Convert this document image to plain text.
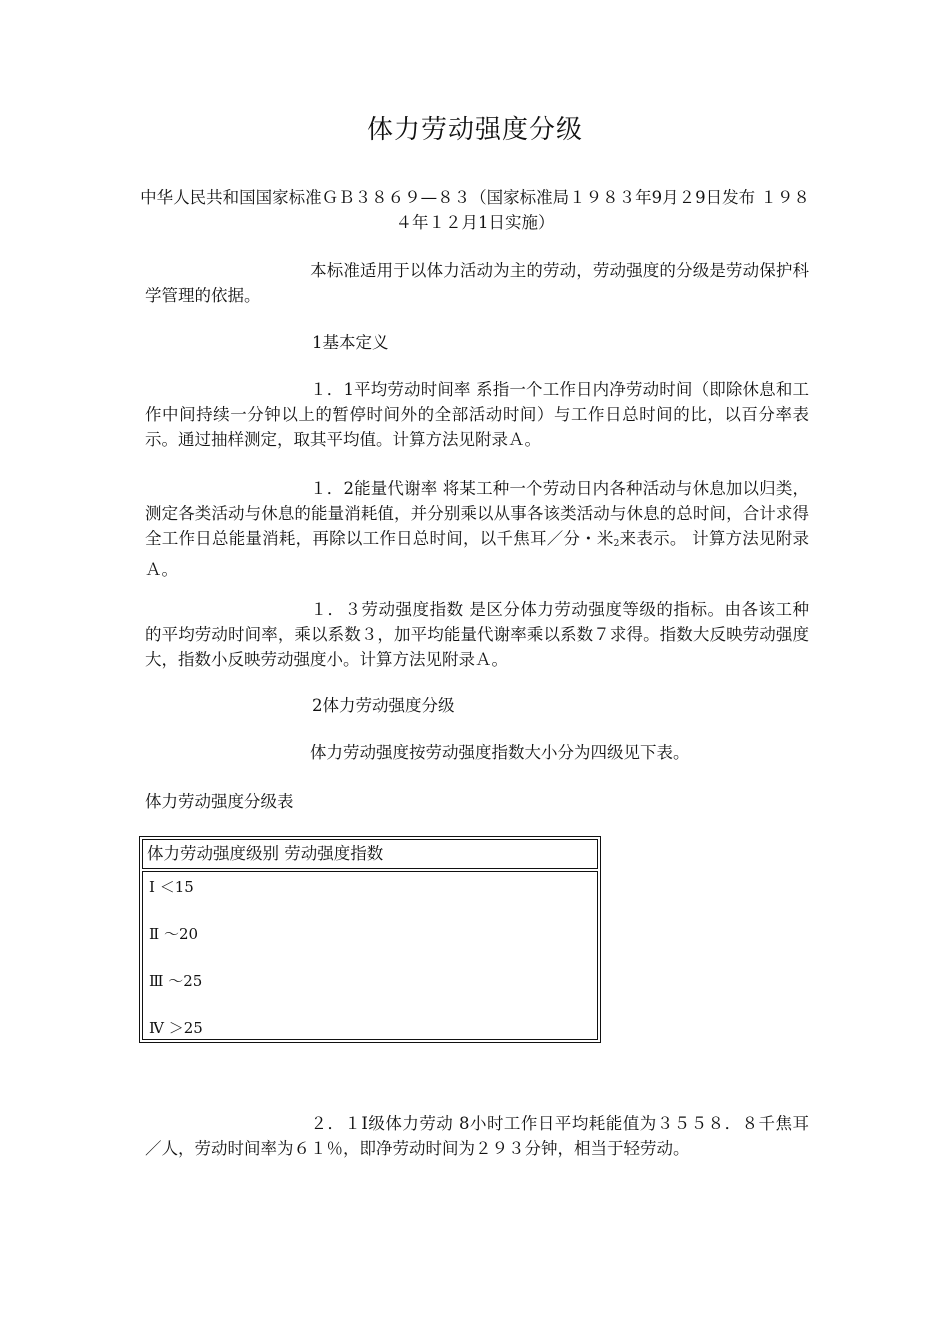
体力劳动强度分级
中华人民共和国国家标准ＧＢ３８６９—８３（国家标准局１９８３年9月２9日发布 １９８４年１２月1日实施）
本标准适用于以体力活动为主的劳动，劳动强度的分级是劳动保护科学管理的依据。
1基本定义
１．1平均劳动时间率 系指一个工作日内净劳动时间（即除休息和工作中间持续一分钟以上的暂停时间外的全部活动时间）与工作日总时间的比，以百分率表示。通过抽样测定，取其平均值。计算方法见附录Ａ。
１．2能量代谢率 将某工种一个劳动日内各种活动与休息加以归类，测定各类活动与休息的能量消耗值，并分别乘以从事各该类活动与休息的总时间，合计求得全工作日总能量消耗，再除以工作日总时间，以千焦耳／分・米2来表示。 计算方法见附录Ａ。
１．３劳动强度指数 是区分体力劳动强度等级的指标。由各该工种的平均劳动时间率，乘以系数３，加平均能量代谢率乘以系数７求得。指数大反映劳动强度大，指数小反映劳动强度小。计算方法见附录Ａ。
2体力劳动强度分级
体力劳动强度按劳动强度指数大小分为四级见下表。
体力劳动强度分级表
体力劳动强度级别 劳动强度指数
Ⅰ ＜15
Ⅱ ～20
Ⅲ ～25
Ⅳ ＞25
２．１Ⅰ级体力劳动 8小时工作日平均耗能值为３５５８．８千焦耳／人，劳动时间率为６１％，即净劳动时间为２９３分钟，相当于轻劳动。
